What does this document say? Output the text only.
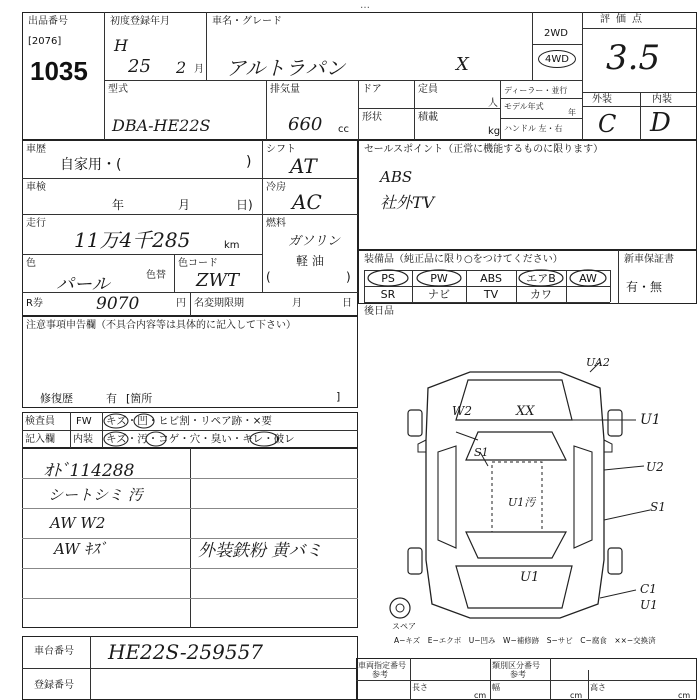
…
出品番号
[2076]
1035
初度登録年月
H
25 2 月
車名・グレード
アルトラパン	X
2WD
4WD
評価点
3.5
型式
DBA-HE22S
排気量
660 cc
ドア
形状
定員
人
積載
kg
ディーラー・並行
モデル年式
年
ハンドル 左・右
外装	内装
C D
車歴
自家用・(	)
車検
年	月	日)
走行
11万4千285	km
色
パール	色替
色コード
ZWT
R券	9070	円 名変期限期	月	日
シフト
AT
冷房
AC
燃料
ガソリン
軽 油
(	)
セールスポイント（正常に機能するものに限ります）
ABS
社外TV
装備品（純正品に限り○をつけてください）	新車保証書
有・無
PS	PW	ABS	エアB	AW
SR	ナビ	TV	カワ
後日品
注意事項申告欄（不具合内容等は具体的に記入して下さい）
修復歴	有 [箇所	]
検査員 FW キズ・凹・ヒビ割・リペア跡・×要
記入欄 内装 キズ・汚・コゲ・穴・臭い・キレ・破レ
ｵﾄﾞ114288
シートシミ 汚
AW W2
AW ｷｽﾞ	外装鉄粉 黄バミ
UA2
W2	XX
U1
S1
U2
U1汚	S1
U1
C1
U1
スペア
A−キズ　E−エクボ　U−凹み　W−補修跡　S−サビ　C−腐食　××−交換済
車台番号 HE22S-259557
登録番号
車両指定番号
参考
類別区分番号
参考
長さ
cm
幅
cm
高さ
cm
